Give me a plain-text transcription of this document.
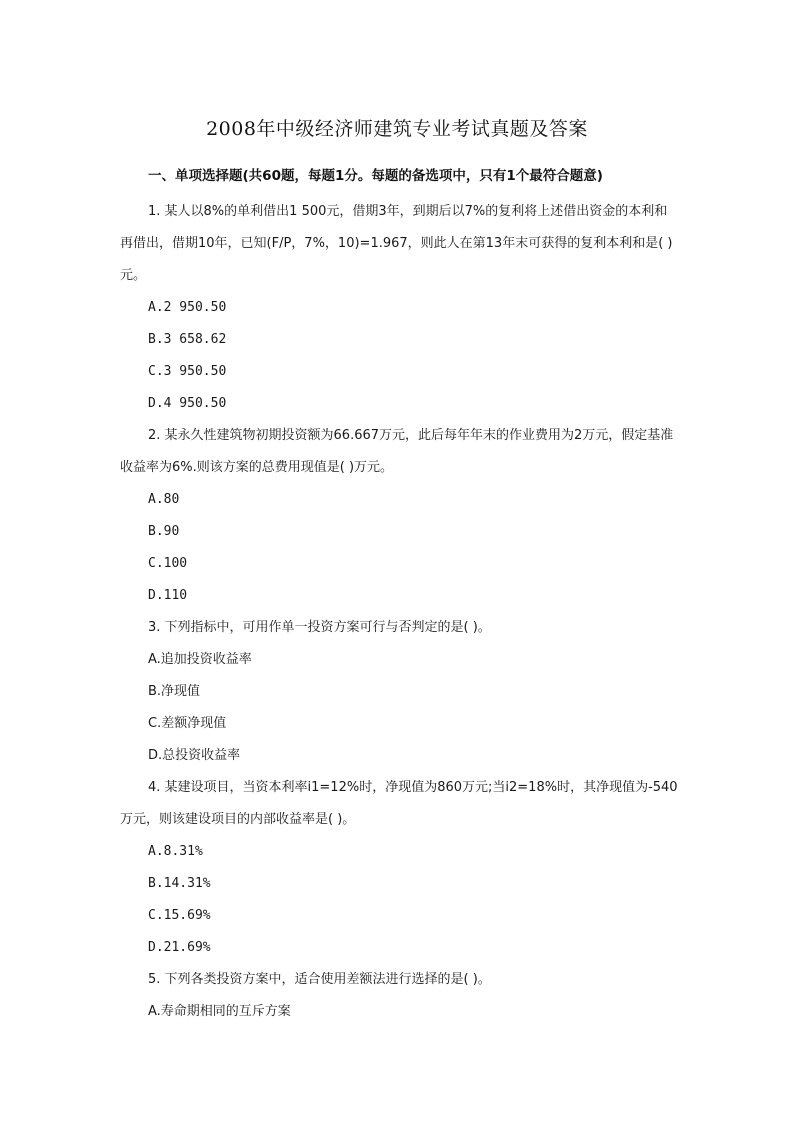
2008年中级经济师建筑专业考试真题及答案
一、单项选择题(共60题，每题1分。每题的备选项中，只有1个最符合题意)

1. 某人以8%的单利借出1 500元，借期3年，到期后以7%的复利将上述借出资金的本利和再借出，借期10年，已知(F/P，7%，10)=1.967，则此人在第13年末可获得的复利本利和是( )元。

A.2 950.50

B.3 658.62

C.3 950.50

D.4 950.50

2. 某永久性建筑物初期投资额为66.667万元，此后每年年末的作业费用为2万元，假定基准收益率为6%.则该方案的总费用现值是( )万元。

A.80

B.90

C.100

D.110

3. 下列指标中，可用作单一投资方案可行与否判定的是( )。

A.追加投资收益率

B.净现值

C.差额净现值

D.总投资收益率

4. 某建设项目，当资本利率i1=12%时，净现值为860万元;当i2=18%时，其净现值为-540万元，则该建设项目的内部收益率是( )。

A.8.31%

B.14.31%

C.15.69%

D.21.69%

5. 下列各类投资方案中，适合使用差额法进行选择的是( )。

A.寿命期相同的互斥方案
